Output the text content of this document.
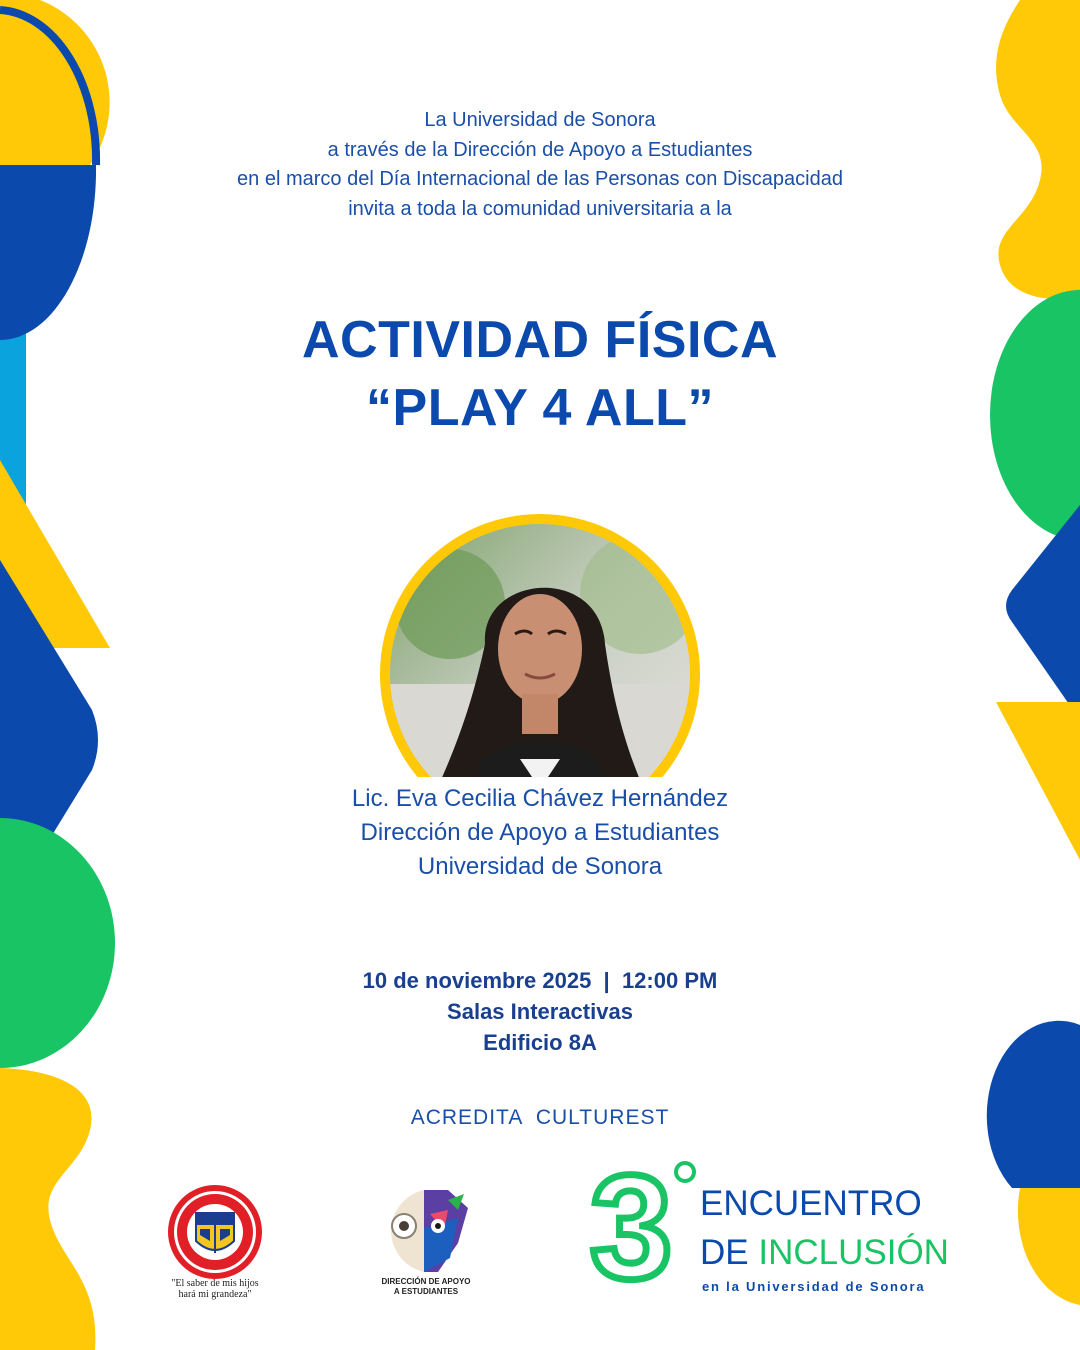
La Universidad de Sonora
a través de la Dirección de Apoyo a Estudiantes
en el marco del Día Internacional de las Personas con Discapacidad
invita a toda la comunidad universitaria a la
ACTIVIDAD FÍSICA
“PLAY 4 ALL”
Lic. Eva Cecilia Chávez Hernández
Dirección de Apoyo a Estudiantes
Universidad de Sonora
10 de noviembre 2025  |  12:00 PM
Salas Interactivas
Edificio 8A
ACREDITA  CULTUREST
"El saber de mis hijos
hará mi grandeza"
DIRECCIÓN DE APOYO
A ESTUDIANTES 3 ENCUENTRO
DE INCLUSIÓN
en la Universidad de Sonora
